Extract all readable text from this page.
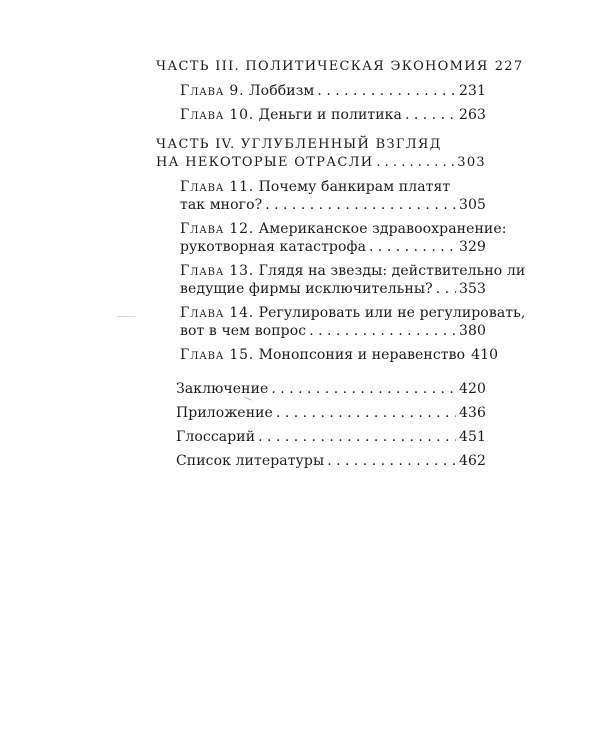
ЧАСТЬ III. ПОЛИТИЧЕСКАЯ ЭКОНОМИЯ 227
Глава 9. Лоббизм . . .	231
Глава 10. Деньги и политика . . .	263
ЧАСТЬ IV. УГЛУБЛЕННЫЙ ВЗГЛЯД
НА НЕКОТОРЫЕ ОТРАСЛИ . . .	303
Глава 11. Почему банкирам платят
так много? . . .	305
Глава 12. Американское здравоохранение:
рукотворная катастрофа . . .	329
Глава 13. Глядя на звезды: действительно ли
ведущие фирмы исключительны? . . . 353
Глава 14. Регулировать или не регулировать,
вот в чем вопрос . . .	380
Глава 15. Монопсония и неравенство 410
Заключение . . .	420
Приложение . . .	436
Глоссарий . . .	451
Список литературы . . .	462
